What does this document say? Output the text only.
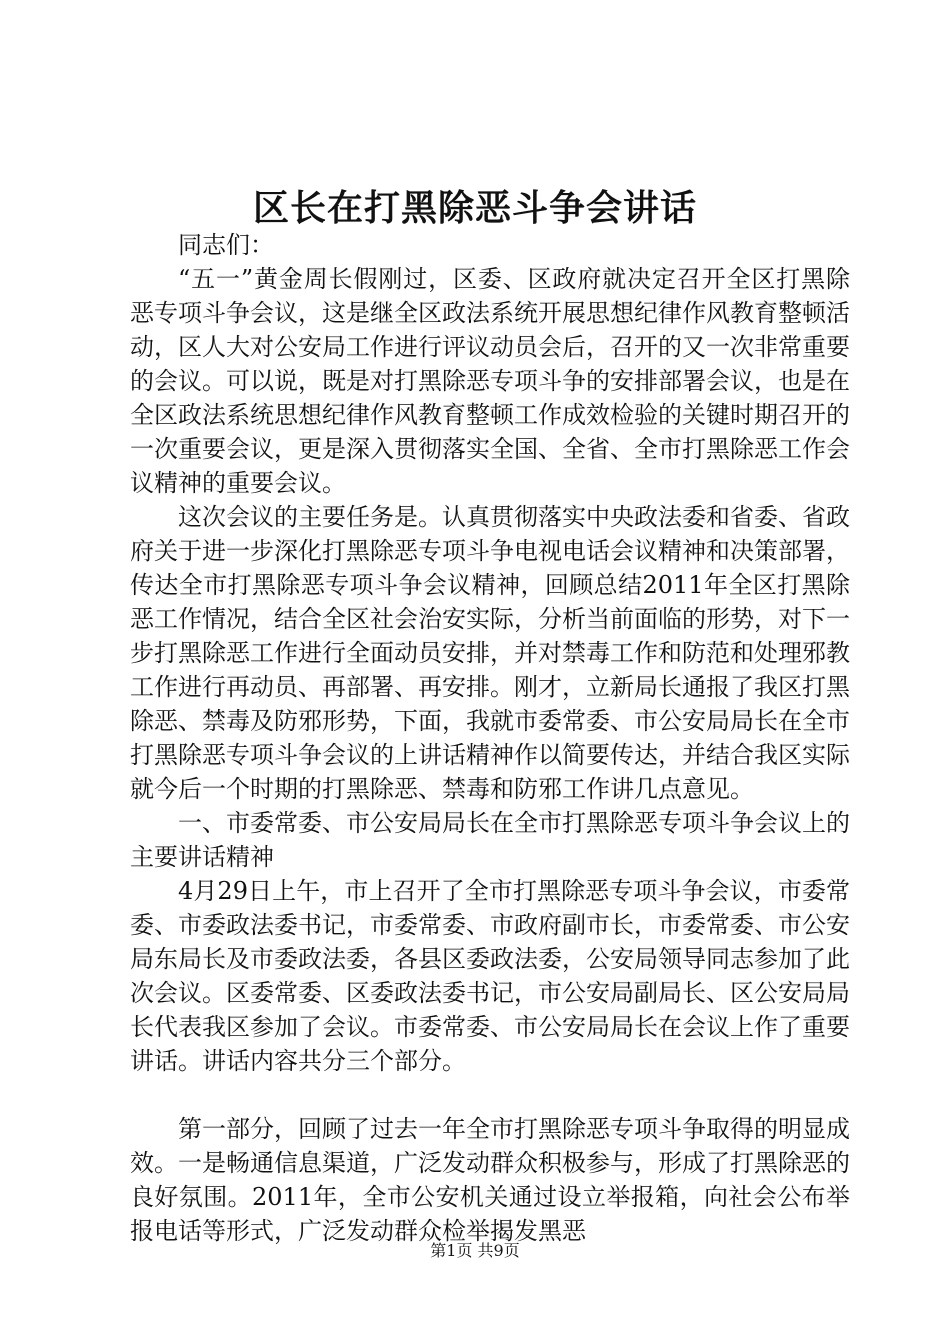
区长在打黑除恶斗争会讲话

同志们：

“五一”黄金周长假刚过，区委、区政府就决定召开全区打黑除恶专项斗争会议，这是继全区政法系统开展思想纪律作风教育整顿活动，区人大对公安局工作进行评议动员会后，召开的又一次非常重要的会议。可以说，既是对打黑除恶专项斗争的安排部署会议，也是在全区政法系统思想纪律作风教育整顿工作成效检验的关键时期召开的一次重要会议，更是深入贯彻落实全国、全省、全市打黑除恶工作会议精神的重要会议。

这次会议的主要任务是。认真贯彻落实中央政法委和省委、省政府关于进一步深化打黑除恶专项斗争电视电话会议精神和决策部署，传达全市打黑除恶专项斗争会议精神，回顾总结2011年全区打黑除恶工作情况，结合全区社会治安实际，分析当前面临的形势，对下一步打黑除恶工作进行全面动员安排，并对禁毒工作和防范和处理邪教工作进行再动员、再部署、再安排。刚才，立新局长通报了我区打黑除恶、禁毒及防邪形势，下面，我就市委常委、市公安局局长在全市打黑除恶专项斗争会议的上讲话精神作以简要传达，并结合我区实际就今后一个时期的打黑除恶、禁毒和防邪工作讲几点意见。

一、市委常委、市公安局局长在全市打黑除恶专项斗争会议上的主要讲话精神

4月29日上午，市上召开了全市打黑除恶专项斗争会议，市委常委、市委政法委书记，市委常委、市政府副市长，市委常委、市公安局东局长及市委政法委，各县区委政法委，公安局领导同志参加了此次会议。区委常委、区委政法委书记，市公安局副局长、区公安局局长代表我区参加了会议。市委常委、市公安局局长在会议上作了重要讲话。讲话内容共分三个部分。

第一部分，回顾了过去一年全市打黑除恶专项斗争取得的明显成效。一是畅通信息渠道，广泛发动群众积极参与，形成了打黑除恶的良好氛围。2011年，全市公安机关通过设立举报箱，向社会公布举报电话等形式，广泛发动群众检举揭发黑恶

第1页 共9页
